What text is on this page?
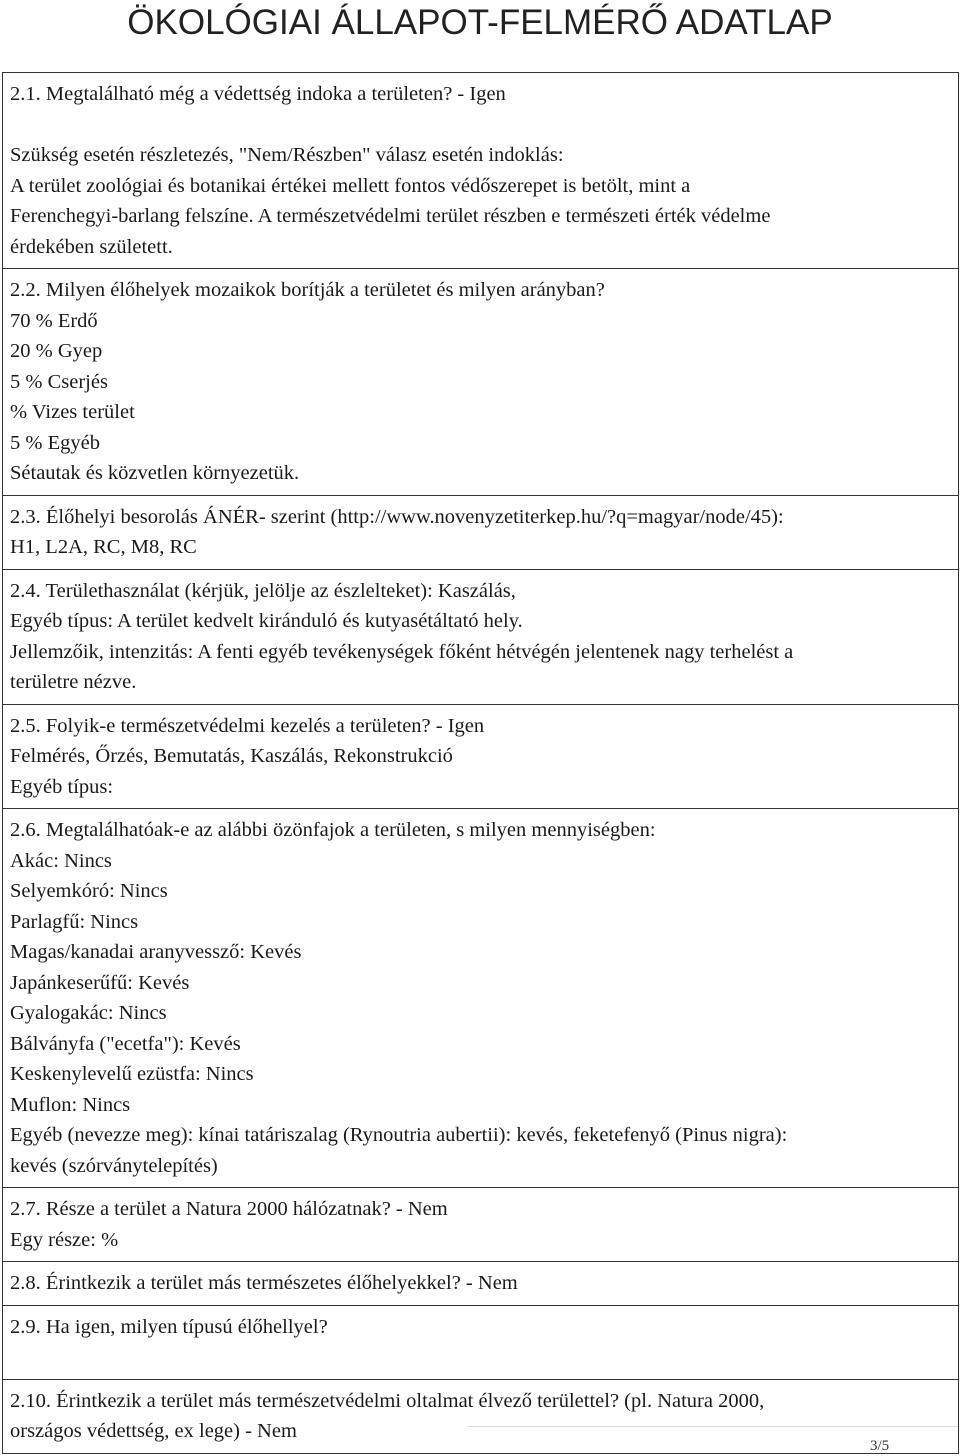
ÖKOLÓGIAI ÁLLAPOT-FELMÉRŐ ADATLAP
2.1. Megtalálható még a védettség indoka a területen? - Igen
Szükség esetén részletezés, "Nem/Részben" válasz esetén indoklás:
A terület zoológiai és botanikai értékei mellett fontos védőszerepet is betölt, mint a
Ferenchegyi-barlang felszíne. A természetvédelmi terület részben e természeti érték védelme
érdekében született.
2.2. Milyen élőhelyek mozaikok borítják a területet és milyen arányban?
70 % Erdő
20 % Gyep
5 % Cserjés
% Vizes terület
5 % Egyéb
Sétautak és közvetlen környezetük.
2.3. Élőhelyi besorolás ÁNÉR- szerint (http://www.novenyzetiterkep.hu/?q=magyar/node/45):
H1, L2A, RC, M8, RC
2.4. Területhasználat (kérjük, jelölje az észlelteket): Kaszálás,
Egyéb típus: A terület kedvelt kiránduló és kutyasétáltató hely.
Jellemzőik, intenzitás: A fenti egyéb tevékenységek főként hétvégén jelentenek nagy terhelést a
területre nézve.
2.5. Folyik-e természetvédelmi kezelés a területen? - Igen
Felmérés, Őrzés, Bemutatás, Kaszálás, Rekonstrukció
Egyéb típus:
2.6. Megtalálhatóak-e az alábbi özönfajok a területen, s milyen mennyiségben:
Akác: Nincs
Selyemkóró: Nincs
Parlagfű: Nincs
Magas/kanadai aranyvessző: Kevés
Japánkeserűfű: Kevés
Gyalogakác: Nincs
Bálványfa ("ecetfa"): Kevés
Keskenylevelű ezüstfa: Nincs
Muflon: Nincs
Egyéb (nevezze meg): kínai tatáriszalag (Rynoutria aubertii): kevés, feketefenyő (Pinus nigra):
kevés (szórványtelepítés)
2.7. Része a terület a Natura 2000 hálózatnak? - Nem
Egy része: %
2.8. Érintkezik a terület más természetes élőhelyekkel? - Nem
2.9. Ha igen, milyen típusú élőhellyel?
2.10. Érintkezik a terület más természetvédelmi oltalmat élvező területtel? (pl. Natura 2000,
országos védettség, ex lege) - Nem
3/5
